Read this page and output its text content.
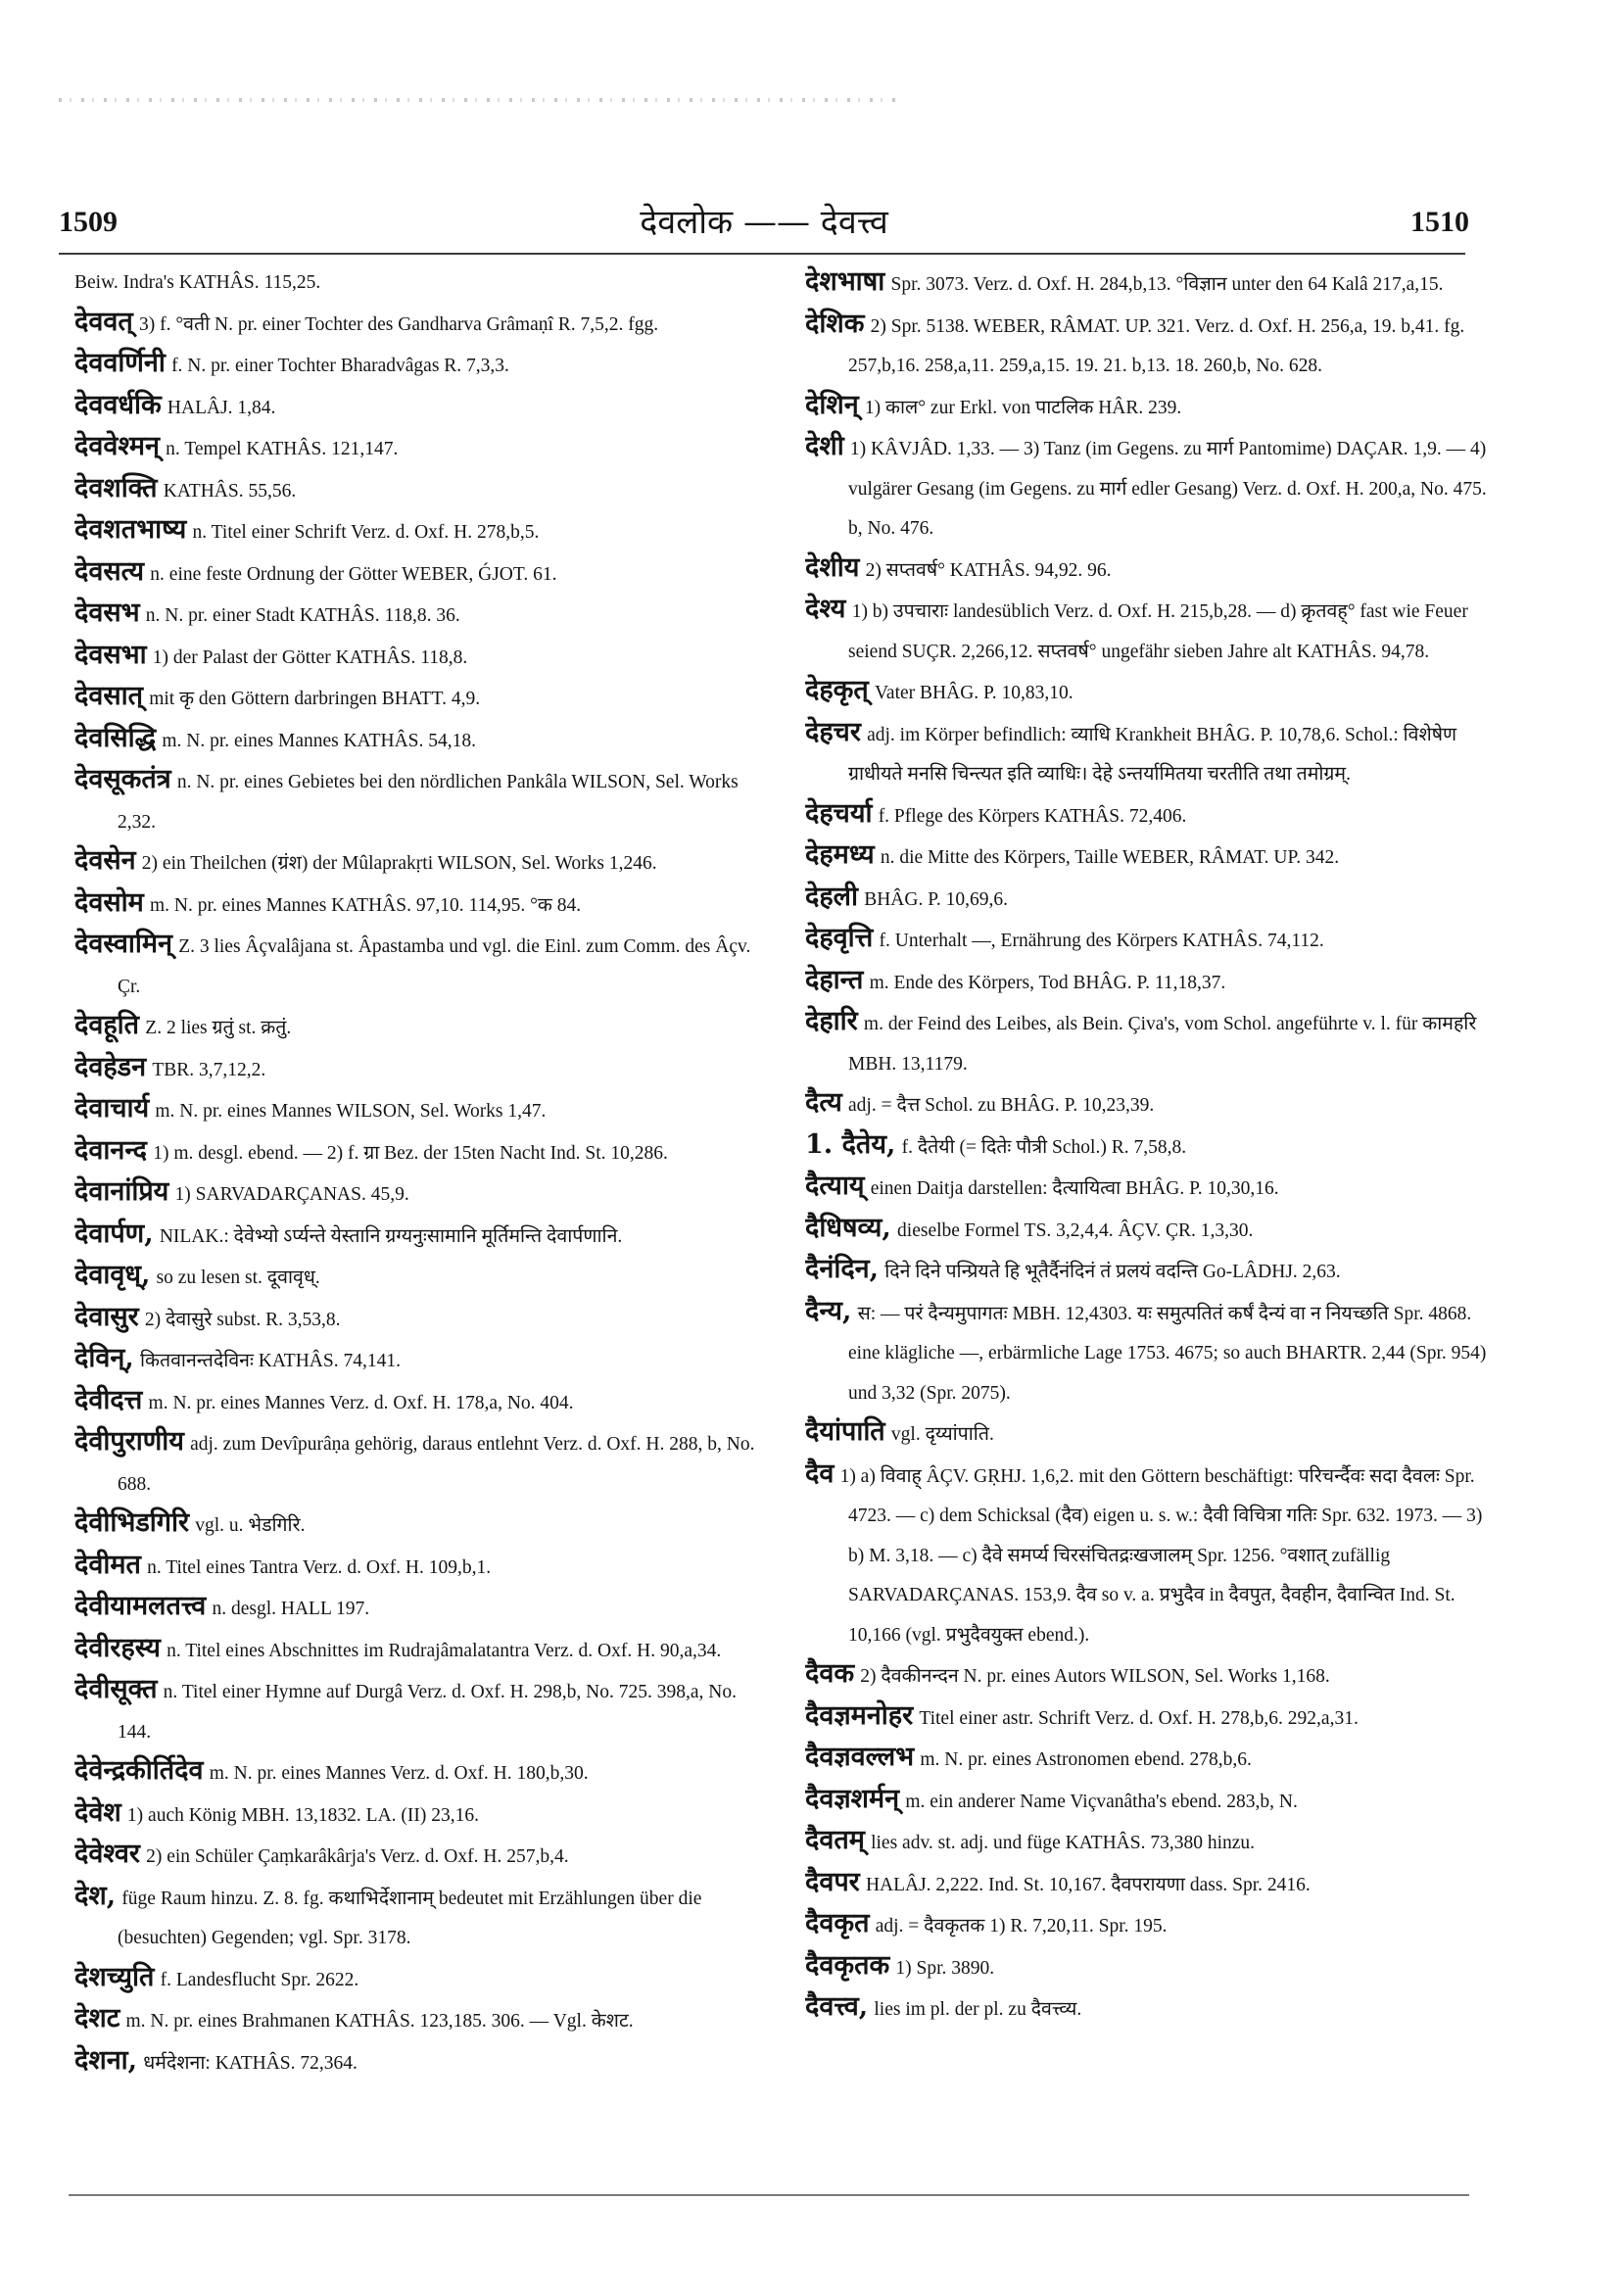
1509	देवलोक —— देवत्त्व	1510

Beiw. Indra's KATHÂS. 115,25.

देववत् 3) f. °वती N. pr. einer Tochter des Gandharva Grâmaṇî R. 7,5,2. fgg.

देववर्णिनी f. N. pr. einer Tochter Bharadvâgas R. 7,3,3.

देववर्धकि HALÂJ. 1,84.

देववेश्मन् n. Tempel KATHÂS. 121,147.

देवशक्ति KATHÂS. 55,56.

देवशतभाष्य n. Titel einer Schrift Verz. d. Oxf. H. 278,b,5.

देवसत्य n. eine feste Ordnung der Götter WEBER, ǴJOT. 61.

देवसभ n. N. pr. einer Stadt KATHÂS. 118,8. 36.

देवसभा 1) der Palast der Götter KATHÂS. 118,8.

देवसात् mit कृ den Göttern darbringen BHATT. 4,9.

देवसिद्धि m. N. pr. eines Mannes KATHÂS. 54,18.

देवसूकतंत्र n. N. pr. eines Gebietes bei den nördlichen Pankâla WILSON, Sel. Works 2,32.

देवसेन 2) ein Theilchen (ग्रंश) der Mûlaprakṛti WILSON, Sel. Works 1,246.

देवसोम m. N. pr. eines Mannes KATHÂS. 97,10. 114,95. °क 84.

देवस्वामिन् Z. 3 lies Âçvalâjana st. Âpastamba und vgl. die Einl. zum Comm. des Âçv. Çr.

देवहूति Z. 2 lies ग्रतुं st. क्रतुं.

देवहेडन TBR. 3,7,12,2.

देवाचार्य m. N. pr. eines Mannes WILSON, Sel. Works 1,47.

देवानन्द 1) m. desgl. ebend. — 2) f. ग्रा Bez. der 15ten Nacht Ind. St. 10,286.

देवानांप्रिय 1) SARVADARÇANAS. 45,9.

देवार्पण, NILAK.: देवेभ्यो ऽर्प्यन्ते येस्तानि ग्रग्यनुःसामानि मूर्तिमन्ति देवार्पणानि.

देवावृध्, so zu lesen st. दूवावृध्.

देवासुर 2) देवासुरे subst. R. 3,53,8.

देविन्, कितवानन्तदेविनः KATHÂS. 74,141.

देवीदत्त m. N. pr. eines Mannes Verz. d. Oxf. H. 178,a, No. 404.

देवीपुराणीय adj. zum Devîpurâṇa gehörig, daraus entlehnt Verz. d. Oxf. H. 288, b, No. 688.

देवीभिडगिरि vgl. u. भेडगिरि.

देवीमत n. Titel eines Tantra Verz. d. Oxf. H. 109,b,1.

देवीयामलतत्त्व n. desgl. HALL 197.

देवीरहस्य n. Titel eines Abschnittes im Rudrajâmalatantra Verz. d. Oxf. H. 90,a,34.

देवीसूक्त n. Titel einer Hymne auf Durgâ Verz. d. Oxf. H. 298,b, No. 725. 398,a, No. 144.

देवेन्द्रकीर्तिदेव m. N. pr. eines Mannes Verz. d. Oxf. H. 180,b,30.

देवेश 1) auch König MBH. 13,1832. LA. (II) 23,16.

देवेश्वर 2) ein Schüler Çaṃkarâkârja's Verz. d. Oxf. H. 257,b,4.

देश, füge Raum hinzu. Z. 8. fg. कथाभिर्देशानाम् bedeutet mit Erzählungen über die (besuchten) Gegenden; vgl. Spr. 3178.

देशच्युति f. Landesflucht Spr. 2622.

देशट m. N. pr. eines Brahmanen KATHÂS. 123,185. 306. — Vgl. केशट.

देशना, धर्मदेशना: KATHÂS. 72,364.

देशभाषा Spr. 3073. Verz. d. Oxf. H. 284,b,13. °विज्ञान unter den 64 Kalâ 217,a,15.

देशिक 2) Spr. 5138. WEBER, RÂMAT. UP. 321. Verz. d. Oxf. H. 256,a, 19. b,41. fg. 257,b,16. 258,a,11. 259,a,15. 19. 21. b,13. 18. 260,b, No. 628.

देशिन् 1) काल° zur Erkl. von पाटलिक HÂR. 239.

देशी 1) KÂVJÂD. 1,33. — 3) Tanz (im Gegens. zu मार्ग Pantomime) DAÇAR. 1,9. — 4) vulgärer Gesang (im Gegens. zu मार्ग edler Gesang) Verz. d. Oxf. H. 200,a, No. 475. b, No. 476.

देशीय 2) सप्तवर्ष° KATHÂS. 94,92. 96.

देश्य 1) b) उपचाराः landesüblich Verz. d. Oxf. H. 215,b,28. — d) क्रृतवह्° fast wie Feuer seiend SUÇR. 2,266,12. सप्तवर्ष° ungefähr sieben Jahre alt KATHÂS. 94,78.

देहकृत् Vater BHÂG. P. 10,83,10.

देहचर adj. im Körper befindlich: व्याधि Krankheit BHÂG. P. 10,78,6. Schol.: विशेषेण ग्राधीयते मनसि चिन्त्यत इति व्याधिः। देहे ऽन्तर्यामितया चरतीति तथा तमोग्रम्.

देहचर्या f. Pflege des Körpers KATHÂS. 72,406.

देहमध्य n. die Mitte des Körpers, Taille WEBER, RÂMAT. UP. 342.

देहली BHÂG. P. 10,69,6.

देहवृत्ति f. Unterhalt —, Ernährung des Körpers KATHÂS. 74,112.

देहान्त m. Ende des Körpers, Tod BHÂG. P. 11,18,37.

देहारि m. der Feind des Leibes, als Bein. Çiva's, vom Schol. angeführte v. l. für कामहरि MBH. 13,1179.

दैत्य adj. = दैत्त Schol. zu BHÂG. P. 10,23,39.

1. दैतेय, f. दैतेयी (= दितेः पौत्री Schol.) R. 7,58,8.

दैत्याय् einen Daitja darstellen: दैत्यायित्वा BHÂG. P. 10,30,16.

दैधिषव्य, dieselbe Formel TS. 3,2,4,4. ÂÇV. ÇR. 1,3,30.

दैनंदिन, दिने दिने पन्प्रियते हि भूतैर्दैनंदिनं तं प्रलयं वदन्ति Go-LÂDHJ. 2,63.

दैन्य, स: — परं दैन्यमुपागतः MBH. 12,4303. यः समुत्पतितं कर्षं दैन्यं वा न नियच्छति Spr. 4868. eine klägliche —, erbärmliche Lage 1753. 4675; so auch BHARTR. 2,44 (Spr. 954) und 3,32 (Spr. 2075).

दैयांपाति vgl. दृय्यांपाति.

दैव 1) a) विवाह् ÂÇV. GṚHJ. 1,6,2. mit den Göttern beschäftigt: परिचर्न्दैवः सदा दैवलः Spr. 4723. — c) dem Schicksal (दैव) eigen u. s. w.: दैवी विचित्रा गतिः Spr. 632. 1973. — 3) b) M. 3,18. — c) दैवे समर्प्य चिरसंचितद्रःखजालम् Spr. 1256. °वशात् zufällig SARVADARÇANAS. 153,9. दैव so v. a. प्रभुदैव in दैवपुत, दैवहीन, दैवान्वित Ind. St. 10,166 (vgl. प्रभुदैवयुक्त ebend.).

दैवक 2) दैवकीनन्दन N. pr. eines Autors WILSON, Sel. Works 1,168.

दैवज्ञमनोहर Titel einer astr. Schrift Verz. d. Oxf. H. 278,b,6. 292,a,31.

दैवज्ञवल्लभ m. N. pr. eines Astronomen ebend. 278,b,6.

दैवज्ञशर्मन् m. ein anderer Name Viçvanâtha's ebend. 283,b, N.

दैवतम् lies adv. st. adj. und füge KATHÂS. 73,380 hinzu.

दैवपर HALÂJ. 2,222. Ind. St. 10,167. दैवपरायणा dass. Spr. 2416.

दैवकृत adj. = दैवकृतक 1) R. 7,20,11. Spr. 195.

दैवकृतक 1) Spr. 3890.

दैवत्त्व, lies im pl. der pl. zu दैवत्त्व्य.
